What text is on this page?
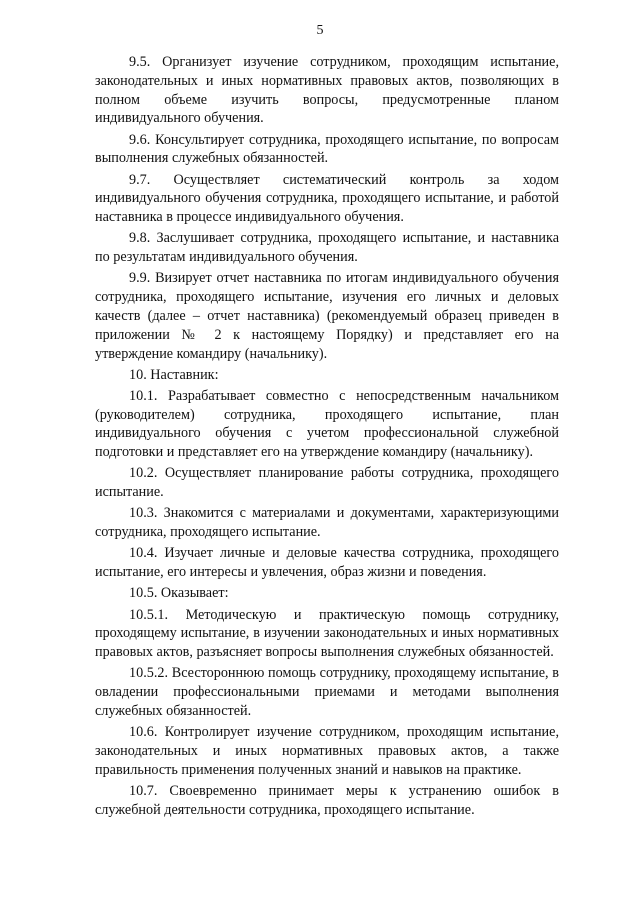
5

9.5. Организует изучение сотрудником, проходящим испытание, законодательных и иных нормативных правовых актов, позволяющих в полном объеме изучить вопросы, предусмотренные планом индивидуального обучения.

9.6. Консультирует сотрудника, проходящего испытание, по вопросам выполнения служебных обязанностей.

9.7. Осуществляет систематический контроль за ходом индивидуального обучения сотрудника, проходящего испытание, и работой наставника в процессе индивидуального обучения.

9.8. Заслушивает сотрудника, проходящего испытание, и наставника по результатам индивидуального обучения.

9.9. Визирует отчет наставника по итогам индивидуального обучения сотрудника, проходящего испытание, изучения его личных и деловых качеств (далее – отчет наставника) (рекомендуемый образец приведен в приложении № 2 к настоящему Порядку) и представляет его на утверждение командиру (начальнику).

10. Наставник:

10.1. Разрабатывает совместно с непосредственным начальником (руководителем) сотрудника, проходящего испытание, план индивидуального обучения с учетом профессиональной служебной подготовки и представляет его на утверждение командиру (начальнику).

10.2. Осуществляет планирование работы сотрудника, проходящего испытание.

10.3. Знакомится с материалами и документами, характеризующими сотрудника, проходящего испытание.

10.4. Изучает личные и деловые качества сотрудника, проходящего испытание, его интересы и увлечения, образ жизни и поведения.

10.5. Оказывает:

10.5.1. Методическую и практическую помощь сотруднику, проходящему испытание, в изучении законодательных и иных нормативных правовых актов, разъясняет вопросы выполнения служебных обязанностей.

10.5.2. Всестороннюю помощь сотруднику, проходящему испытание, в овладении профессиональными приемами и методами выполнения служебных обязанностей.

10.6. Контролирует изучение сотрудником, проходящим испытание, законодательных и иных нормативных правовых актов, а также правильность применения полученных знаний и навыков на практике.

10.7. Своевременно принимает меры к устранению ошибок в служебной деятельности сотрудника, проходящего испытание.
